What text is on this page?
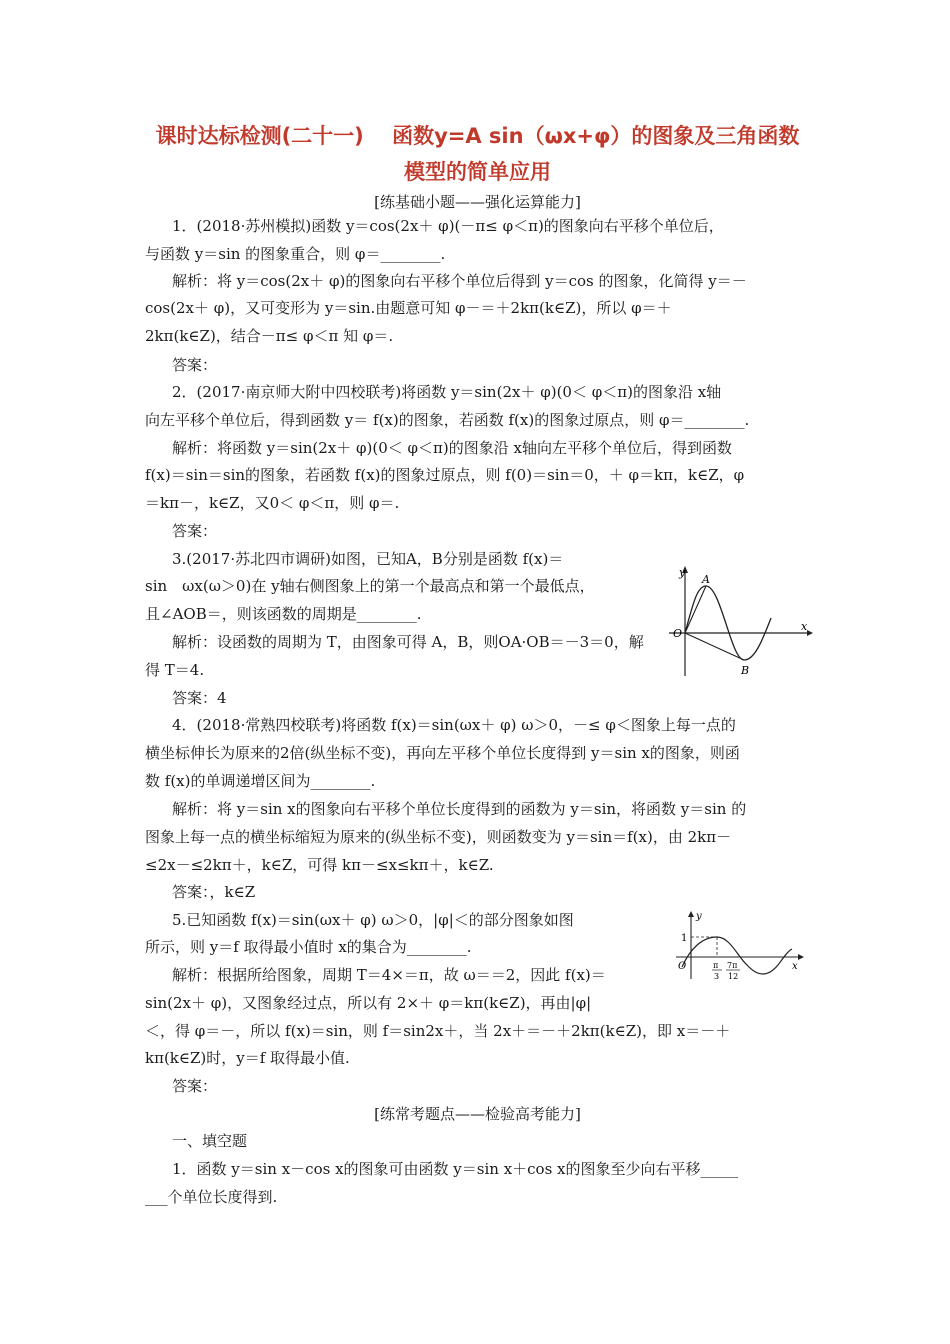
课时达标检测(二十一)　 函数y=A sin（ωx+φ）的图象及三角函数
模型的简单应用
[练基础小题——强化运算能力]
1．(2018·苏州模拟)函数 y＝cos(2x＋ φ)(－π≤ φ＜π)的图象向右平移个单位后，
与函数 y＝sin 的图象重合，则 φ＝________.
解析：将 y＝cos(2x＋ φ)的图象向右平移个单位后得到 y＝cos 的图象，化简得 y＝－
cos(2x＋ φ)，又可变形为 y＝sin.由题意可知 φ－＝＋2kπ(k∈Z)，所以 φ＝＋
2kπ(k∈Z)，结合－π≤ φ＜π 知 φ＝.
答案：
2．(2017·南京师大附中四校联考)将函数 y＝sin(2x＋ φ)(0＜ φ＜π)的图象沿 x轴
向左平移个单位后，得到函数 y＝ f(x)的图象，若函数 f(x)的图象过原点，则 φ＝________.
解析：将函数 y＝sin(2x＋ φ)(0＜ φ＜π)的图象沿 x轴向左平移个单位后，得到函数
f(x)＝sin＝sin的图象，若函数 f(x)的图象过原点，则 f(0)＝sin＝0，＋ φ＝kπ，k∈Z，φ
＝kπ－，k∈Z，又0＜ φ＜π，则 φ＝.
答案：
3.(2017·苏北四市调研)如图，已知A，B分别是函数 f(x)＝
sin　ωx(ω＞0)在 y轴右侧图象上的第一个最高点和第一个最低点，
且∠AOB＝，则该函数的周期是________.
解析：设函数的周期为 T，由图象可得 A，B，则OA·OB＝－3＝0，解
得 T＝4.
答案：4
y
x
O
A
B
4．(2018·常熟四校联考)将函数 f(x)＝sin(ωx＋ φ) ω＞0，－≤ φ＜图象上每一点的
横坐标伸长为原来的2倍(纵坐标不变)，再向左平移个单位长度得到 y＝sin x的图象，则函
数 f(x)的单调递增区间为________.
解析：将 y＝sin x的图象向右平移个单位长度得到的函数为 y＝sin，将函数 y＝sin 的
图象上每一点的横坐标缩短为原来的(纵坐标不变)，则函数变为 y＝sin＝f(x)，由 2kπ－
≤2x－≤2kπ＋，k∈Z，可得 kπ－≤x≤kπ＋，k∈Z.
答案：，k∈Z
5.已知函数 f(x)＝sin(ωx＋ φ) ω＞0，|φ|＜的部分图象如图
所示，则 y＝f 取得最小值时 x的集合为________.
解析：根据所给图象，周期 T＝4×＝π，故 ω＝＝2，因此 f(x)＝
sin(2x＋ φ)，又图象经过点，所以有 2×＋ φ＝kπ(k∈Z)，再由|φ|
＜，得 φ＝－，所以 f(x)＝sin，则 f＝sin2x＋，当 2x＋＝－＋2kπ(k∈Z)，即 x＝－＋
kπ(k∈Z)时，y＝f 取得最小值.
答案：
y
x
O
1
π
3
7π
12
[练常考题点——检验高考能力]
一、填空题
1．函数 y＝sin x－cos x的图象可由函数 y＝sin x＋cos x的图象至少向右平移_____
___个单位长度得到.
